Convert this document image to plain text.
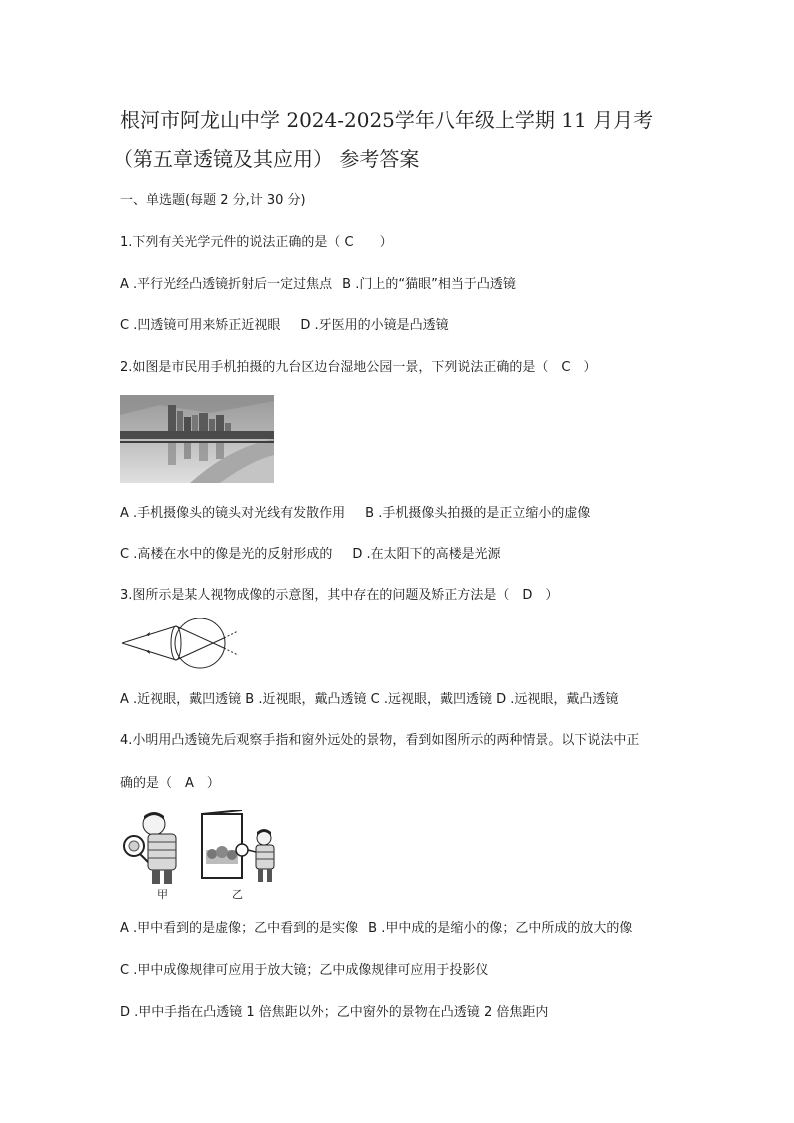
根河市阿龙山中学 2024-2025学年八年级上学期 11 月月考
（第五章透镜及其应用） 参考答案
一、单选题(每题 2 分,计 30 分)
1.下列有关光学元件的说法正确的是（ C　　）
A .平行光经凸透镜折射后一定过焦点 B .门上的“猫眼”相当于凸透镜
C .凹透镜可用来矫正近视眼 D .牙医用的小镜是凸透镜
2.如图是市民用手机拍摄的九台区边台湿地公园一景，下列说法正确的是（　C　）
A .手机摄像头的镜头对光线有发散作用 B .手机摄像头拍摄的是正立缩小的虚像
C .高楼在水中的像是光的反射形成的 D .在太阳下的高楼是光源
3.图所示是某人视物成像的示意图，其中存在的问题及矫正方法是（　D　）
A .近视眼，戴凹透镜 B .近视眼，戴凸透镜 C .远视眼，戴凹透镜 D .远视眼，戴凸透镜
4.小明用凸透镜先后观察手指和窗外远处的景物，看到如图所示的两种情景。以下说法中正
确的是（　A　）
甲	乙
A .甲中看到的是虚像；乙中看到的是实像 B .甲中成的是缩小的像；乙中所成的放大的像
C .甲中成像规律可应用于放大镜；乙中成像规律可应用于投影仪
D .甲中手指在凸透镜 1 倍焦距以外；乙中窗外的景物在凸透镜 2 倍焦距内
